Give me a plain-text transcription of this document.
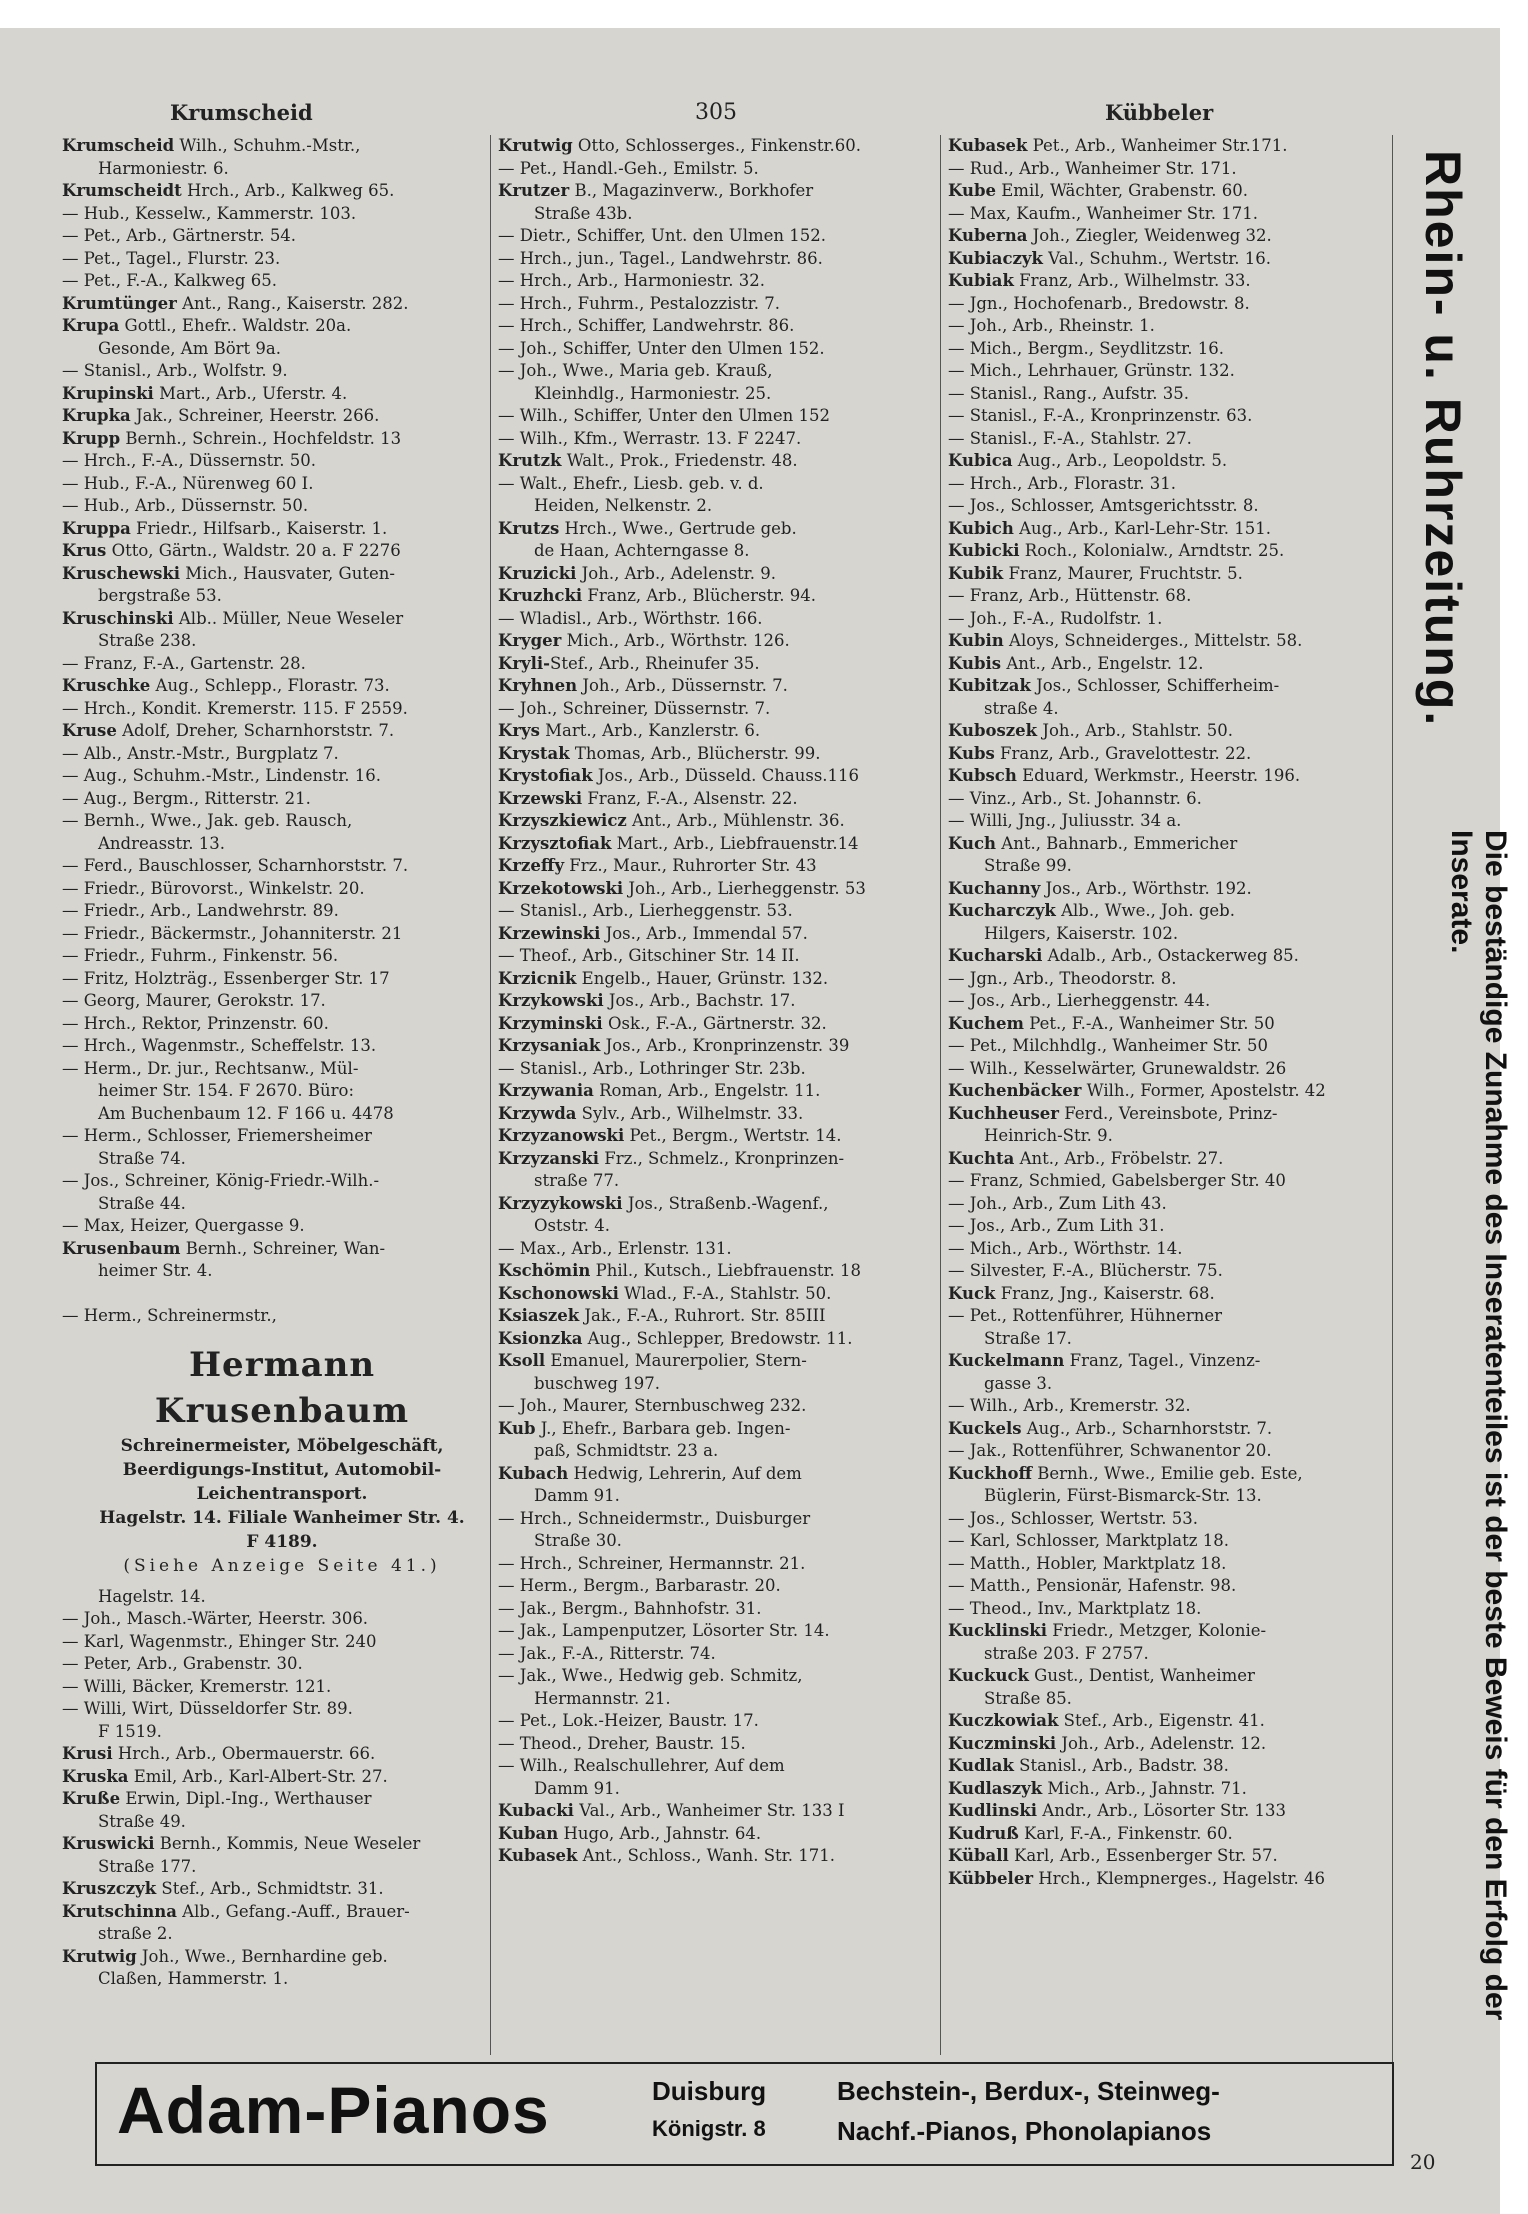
Krumscheid	305	Kübbeler
Krumscheid Wilh., Schuhm.-Mstr.,
Harmoniestr. 6.
Krumscheidt Hrch., Arb., Kalkweg 65.
— Hub., Kesselw., Kammerstr. 103.
— Pet., Arb., Gärtnerstr. 54.
— Pet., Tagel., Flurstr. 23.
— Pet., F.-A., Kalkweg 65.
Krumtünger Ant., Rang., Kaiserstr. 282.
Krupa Gottl., Ehefr.. Waldstr. 20a.
Gesonde, Am Bört 9a.
— Stanisl., Arb., Wolfstr. 9.
Krupinski Mart., Arb., Uferstr. 4.
Krupka Jak., Schreiner, Heerstr. 266.
Krupp Bernh., Schrein., Hochfeldstr. 13
— Hrch., F.-A., Düssernstr. 50.
— Hub., F.-A., Nürenweg 60 I.
— Hub., Arb., Düssernstr. 50.
Kruppa Friedr., Hilfsarb., Kaiserstr. 1.
Krus Otto, Gärtn., Waldstr. 20 a. F 2276
Kruschewski Mich., Hausvater, Guten-
bergstraße 53.
Kruschinski Alb.. Müller, Neue Weseler
Straße 238.
— Franz, F.-A., Gartenstr. 28.
Kruschke Aug., Schlepp., Florastr. 73.
— Hrch., Kondit. Kremerstr. 115. F 2559.
Kruse Adolf, Dreher, Scharnhorststr. 7.
— Alb., Anstr.-Mstr., Burgplatz 7.
— Aug., Schuhm.-Mstr., Lindenstr. 16.
— Aug., Bergm., Ritterstr. 21.
— Bernh., Wwe., Jak. geb. Rausch,
Andreasstr. 13.
— Ferd., Bauschlosser, Scharnhorststr. 7.
— Friedr., Bürovorst., Winkelstr. 20.
— Friedr., Arb., Landwehrstr. 89.
— Friedr., Bäckermstr., Johanniterstr. 21
— Friedr., Fuhrm., Finkenstr. 56.
— Fritz, Holzträg., Essenberger Str. 17
— Georg, Maurer, Gerokstr. 17.
— Hrch., Rektor, Prinzenstr. 60.
— Hrch., Wagenmstr., Scheffelstr. 13.
— Herm., Dr. jur., Rechtsanw., Mül-
heimer Str. 154. F 2670. Büro:
Am Buchenbaum 12. F 166 u. 4478
— Herm., Schlosser, Friemersheimer
Straße 74.
— Jos., Schreiner, König-Friedr.-Wilh.-
Straße 44.
— Max, Heizer, Quergasse 9.
Krusenbaum Bernh., Schreiner, Wan-
heimer Str. 4.

— Herm., Schreinermstr.,
Hermann Krusenbaum
Schreinermeister, Möbelgeschäft,
Beerdigungs-Institut, Automobil-
Leichentransport.
Hagelstr. 14. Filiale Wanheimer Str. 4.
F 4189.
(Siehe Anzeige Seite 41.)
Hagelstr. 14.
— Joh., Masch.-Wärter, Heerstr. 306.
— Karl, Wagenmstr., Ehinger Str. 240
— Peter, Arb., Grabenstr. 30.
— Willi, Bäcker, Kremerstr. 121.
— Willi, Wirt, Düsseldorfer Str. 89.
F 1519.
Krusi Hrch., Arb., Obermauerstr. 66.
Kruska Emil, Arb., Karl-Albert-Str. 27.
Kruße Erwin, Dipl.-Ing., Werthauser
Straße 49.
Kruswicki Bernh., Kommis, Neue Weseler
Straße 177.
Kruszczyk Stef., Arb., Schmidtstr. 31.
Krutschinna Alb., Gefang.-Auff., Brauer-
straße 2.
Krutwig Joh., Wwe., Bernhardine geb.
Claßen, Hammerstr. 1.
Krutwig Otto, Schlosserges., Finkenstr.60.
— Pet., Handl.-Geh., Emilstr. 5.
Krutzer B., Magazinverw., Borkhofer
Straße 43b.
— Dietr., Schiffer, Unt. den Ulmen 152.
— Hrch., jun., Tagel., Landwehrstr. 86.
— Hrch., Arb., Harmoniestr. 32.
— Hrch., Fuhrm., Pestalozzistr. 7.
— Hrch., Schiffer, Landwehrstr. 86.
— Joh., Schiffer, Unter den Ulmen 152.
— Joh., Wwe., Maria geb. Krauß,
Kleinhdlg., Harmoniestr. 25.
— Wilh., Schiffer, Unter den Ulmen 152
— Wilh., Kfm., Werrastr. 13. F 2247.
Krutzk Walt., Prok., Friedenstr. 48.
— Walt., Ehefr., Liesb. geb. v. d.
Heiden, Nelkenstr. 2.
Krutzs Hrch., Wwe., Gertrude geb.
de Haan, Achterngasse 8.
Kruzicki Joh., Arb., Adelenstr. 9.
Kruzhcki Franz, Arb., Blücherstr. 94.
— Wladisl., Arb., Wörthstr. 166.
Kryger Mich., Arb., Wörthstr. 126.
Kryli-Stef., Arb., Rheinufer 35.
Kryhnen Joh., Arb., Düssernstr. 7.
— Joh., Schreiner, Düssernstr. 7.
Krys Mart., Arb., Kanzlerstr. 6.
Krystak Thomas, Arb., Blücherstr. 99.
Krystofiak Jos., Arb., Düsseld. Chauss.116
Krzewski Franz, F.-A., Alsenstr. 22.
Krzyszkiewicz Ant., Arb., Mühlenstr. 36.
Krzysztofiak Mart., Arb., Liebfrauenstr.14
Krzeffy Frz., Maur., Ruhrorter Str. 43
Krzekotowski Joh., Arb., Lierheggenstr. 53
— Stanisl., Arb., Lierheggenstr. 53.
Krzewinski Jos., Arb., Immendal 57.
— Theof., Arb., Gitschiner Str. 14 II.
Krzicnik Engelb., Hauer, Grünstr. 132.
Krzykowski Jos., Arb., Bachstr. 17.
Krzyminski Osk., F.-A., Gärtnerstr. 32.
Krzysaniak Jos., Arb., Kronprinzenstr. 39
— Stanisl., Arb., Lothringer Str. 23b.
Krzywania Roman, Arb., Engelstr. 11.
Krzywda Sylv., Arb., Wilhelmstr. 33.
Krzyzanowski Pet., Bergm., Wertstr. 14.
Krzyzanski Frz., Schmelz., Kronprinzen-
straße 77.
Krzyzykowski Jos., Straßenb.-Wagenf.,
Oststr. 4.
— Max., Arb., Erlenstr. 131.
Kschömin Phil., Kutsch., Liebfrauenstr. 18
Kschonowski Wlad., F.-A., Stahlstr. 50.
Ksiaszek Jak., F.-A., Ruhrort. Str. 85III
Ksionzka Aug., Schlepper, Bredowstr. 11.
Ksoll Emanuel, Maurerpolier, Stern-
buschweg 197.
— Joh., Maurer, Sternbuschweg 232.
Kub J., Ehefr., Barbara geb. Ingen-
paß, Schmidtstr. 23 a.
Kubach Hedwig, Lehrerin, Auf dem
Damm 91.
— Hrch., Schneidermstr., Duisburger
Straße 30.
— Hrch., Schreiner, Hermannstr. 21.
— Herm., Bergm., Barbarastr. 20.
— Jak., Bergm., Bahnhofstr. 31.
— Jak., Lampenputzer, Lösorter Str. 14.
— Jak., F.-A., Ritterstr. 74.
— Jak., Wwe., Hedwig geb. Schmitz,
Hermannstr. 21.
— Pet., Lok.-Heizer, Baustr. 17.
— Theod., Dreher, Baustr. 15.
— Wilh., Realschullehrer, Auf dem
Damm 91.
Kubacki Val., Arb., Wanheimer Str. 133 I
Kuban Hugo, Arb., Jahnstr. 64.
Kubasek Ant., Schloss., Wanh. Str. 171.
Kubasek Pet., Arb., Wanheimer Str.171.
— Rud., Arb., Wanheimer Str. 171.
Kube Emil, Wächter, Grabenstr. 60.
— Max, Kaufm., Wanheimer Str. 171.
Kuberna Joh., Ziegler, Weidenweg 32.
Kubiaczyk Val., Schuhm., Wertstr. 16.
Kubiak Franz, Arb., Wilhelmstr. 33.
— Jgn., Hochofenarb., Bredowstr. 8.
— Joh., Arb., Rheinstr. 1.
— Mich., Bergm., Seydlitzstr. 16.
— Mich., Lehrhauer, Grünstr. 132.
— Stanisl., Rang., Aufstr. 35.
— Stanisl., F.-A., Kronprinzenstr. 63.
— Stanisl., F.-A., Stahlstr. 27.
Kubica Aug., Arb., Leopoldstr. 5.
— Hrch., Arb., Florastr. 31.
— Jos., Schlosser, Amtsgerichtsstr. 8.
Kubich Aug., Arb., Karl-Lehr-Str. 151.
Kubicki Roch., Kolonialw., Arndtstr. 25.
Kubik Franz, Maurer, Fruchtstr. 5.
— Franz, Arb., Hüttenstr. 68.
— Joh., F.-A., Rudolfstr. 1.
Kubin Aloys, Schneiderges., Mittelstr. 58.
Kubis Ant., Arb., Engelstr. 12.
Kubitzak Jos., Schlosser, Schifferheim-
straße 4.
Kuboszek Joh., Arb., Stahlstr. 50.
Kubs Franz, Arb., Gravelottestr. 22.
Kubsch Eduard, Werkmstr., Heerstr. 196.
— Vinz., Arb., St. Johannstr. 6.
— Willi, Jng., Juliusstr. 34 a.
Kuch Ant., Bahnarb., Emmericher
Straße 99.
Kuchanny Jos., Arb., Wörthstr. 192.
Kucharczyk Alb., Wwe., Joh. geb.
Hilgers, Kaiserstr. 102.
Kucharski Adalb., Arb., Ostackerweg 85.
— Jgn., Arb., Theodorstr. 8.
— Jos., Arb., Lierheggenstr. 44.
Kuchem Pet., F.-A., Wanheimer Str. 50
— Pet., Milchhdlg., Wanheimer Str. 50
— Wilh., Kesselwärter, Grunewaldstr. 26
Kuchenbäcker Wilh., Former, Apostelstr. 42
Kuchheuser Ferd., Vereinsbote, Prinz-
Heinrich-Str. 9.
Kuchta Ant., Arb., Fröbelstr. 27.
— Franz, Schmied, Gabelsberger Str. 40
— Joh., Arb., Zum Lith 43.
— Jos., Arb., Zum Lith 31.
— Mich., Arb., Wörthstr. 14.
— Silvester, F.-A., Blücherstr. 75.
Kuck Franz, Jng., Kaiserstr. 68.
— Pet., Rottenführer, Hühnerner
Straße 17.
Kuckelmann Franz, Tagel., Vinzenz-
gasse 3.
— Wilh., Arb., Kremerstr. 32.
Kuckels Aug., Arb., Scharnhorststr. 7.
— Jak., Rottenführer, Schwanentor 20.
Kuckhoff Bernh., Wwe., Emilie geb. Este,
Büglerin, Fürst-Bismarck-Str. 13.
— Jos., Schlosser, Wertstr. 53.
— Karl, Schlosser, Marktplatz 18.
— Matth., Hobler, Marktplatz 18.
— Matth., Pensionär, Hafenstr. 98.
— Theod., Inv., Marktplatz 18.
Kucklinski Friedr., Metzger, Kolonie-
straße 203. F 2757.
Kuckuck Gust., Dentist, Wanheimer
Straße 85.
Kuczkowiak Stef., Arb., Eigenstr. 41.
Kuczminski Joh., Arb., Adelenstr. 12.
Kudlak Stanisl., Arb., Badstr. 38.
Kudlaszyk Mich., Arb., Jahnstr. 71.
Kudlinski Andr., Arb., Lösorter Str. 133
Kudruß Karl, F.-A., Finkenstr. 60.
Küball Karl, Arb., Essenberger Str. 57.
Kübbeler Hrch., Klempnerges., Hagelstr. 46
Rhein- u. Ruhrzeitung.
Die beständige Zunahme des Inseratenteiles ist der beste Beweis für den Erfolg der Inserate.
Adam-Pianos	Duisburg
Königstr. 8
Bechstein-, Berdux-, Steinweg-
Nachf.-Pianos, Phonolapianos
20
